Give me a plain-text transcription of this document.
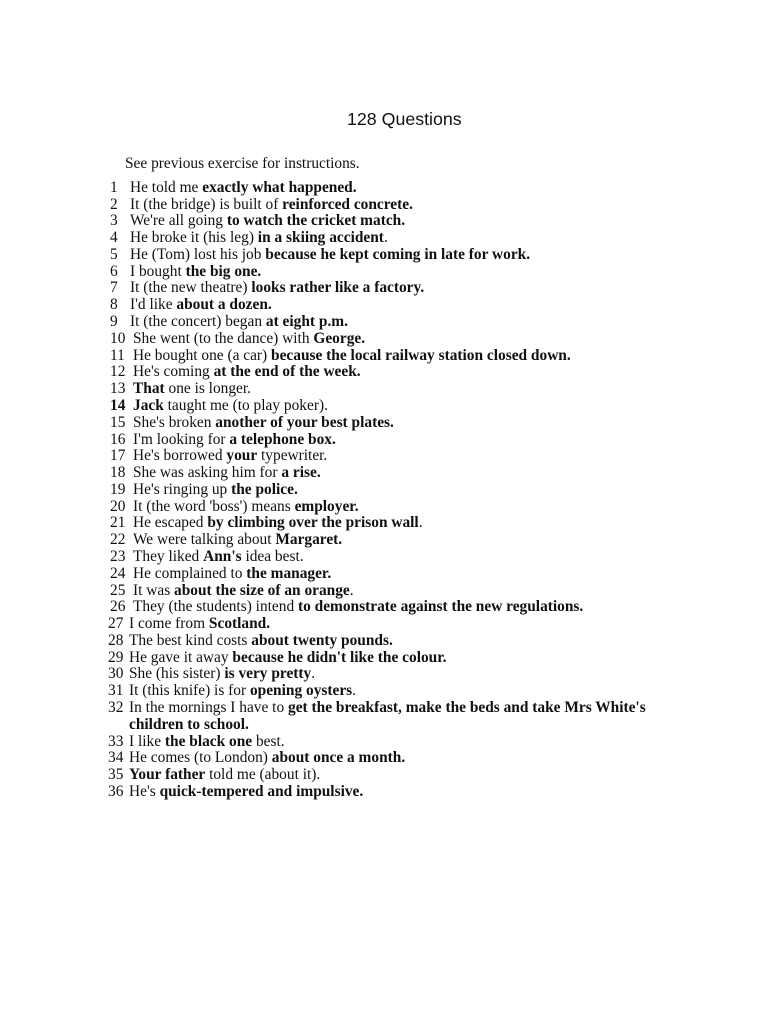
128 Questions
See previous exercise for instructions.
1 He told me exactly what happened.
2 It (the bridge) is built of reinforced concrete.
3 We're all going to watch the cricket match.
4 He broke it (his leg) in a skiing accident.
5 He (Tom) lost his job because he kept coming in late for work.
6 I bought the big one.
7 It (the new theatre) looks rather like a factory.
8 I'd like about a dozen.
9 It (the concert) began at eight p.m.
10 She went (to the dance) with George.
11 He bought one (a car) because the local railway station closed down.
12 He's coming at the end of the week.
13 That one is longer.
14 Jack taught me (to play poker).
15 She's broken another of your best plates.
16 I'm looking for a telephone box.
17 He's borrowed your typewriter.
18 She was asking him for a rise.
19 He's ringing up the police.
20 It (the word 'boss') means employer.
21 He escaped by climbing over the prison wall.
22 We were talking about Margaret.
23 They liked Ann's idea best.
24 He complained to the manager.
25 It was about the size of an orange.
26 They (the students) intend to demonstrate against the new regulations.
27 I come from Scotland.
28 The best kind costs about twenty pounds.
29 He gave it away because he didn't like the colour.
30 She (his sister) is very pretty.
31 It (this knife) is for opening oysters.
32 In the mornings I have to get the breakfast, make the beds and take Mrs White's children to school.
33 I like the black one best.
34 He comes (to London) about once a month.
35 Your father told me (about it).
36 He's quick-tempered and impulsive.
